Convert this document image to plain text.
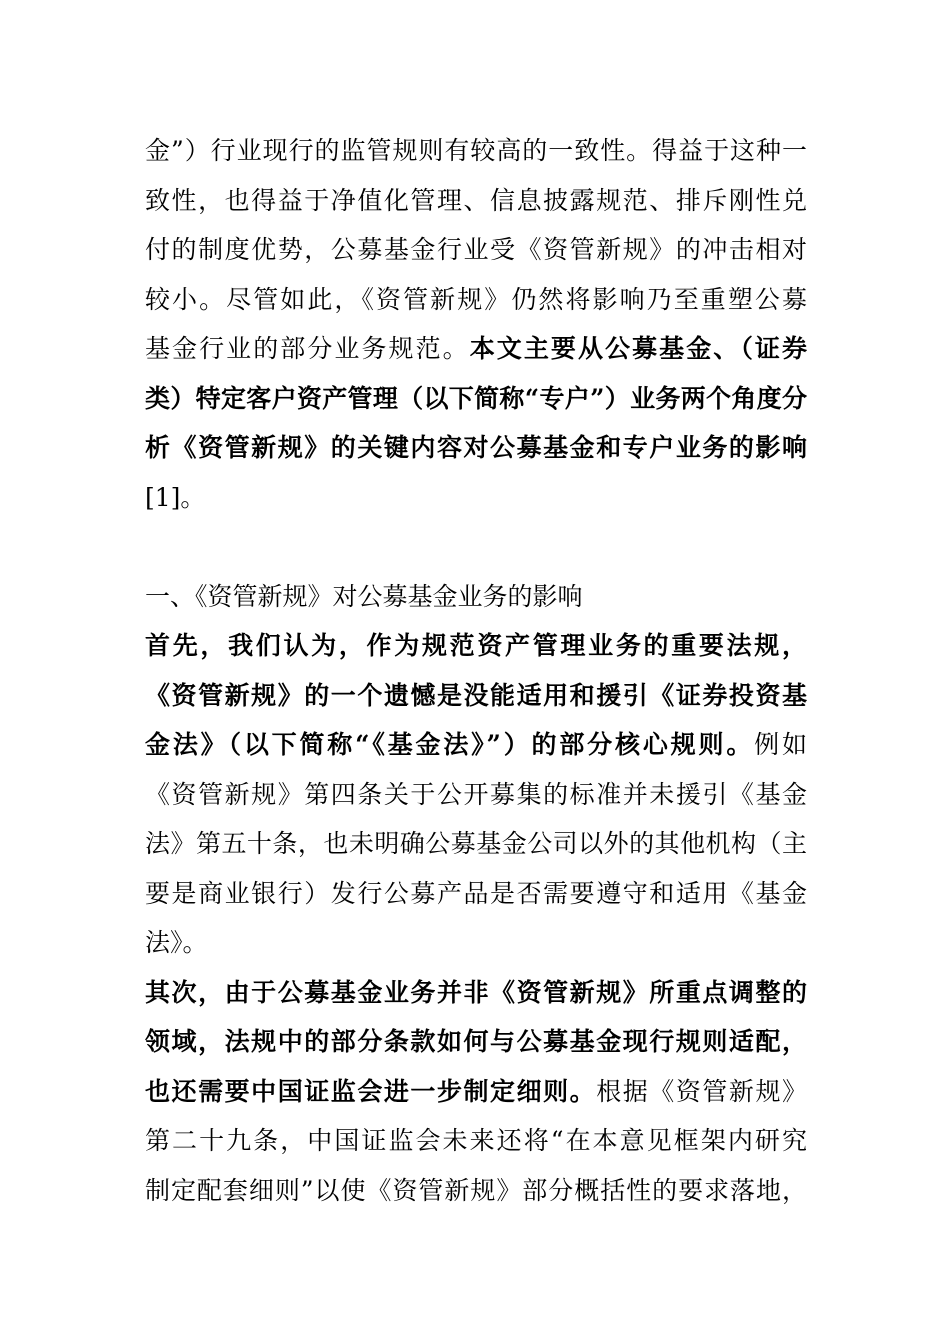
金”）行业现行的监管规则有较高的一致性。得益于这种一
致性，也得益于净值化管理、信息披露规范、排斥刚性兑
付的制度优势，公募基金行业受《资管新规》的冲击相对
较小。尽管如此，《资管新规》仍然将影响乃至重塑公募
基金行业的部分业务规范。本文主要从公募基金、（证券
类）特定客户资产管理（以下简称“专户”）业务两个角度分
析《资管新规》的关键内容对公募基金和专户业务的影响
[1]。
一、《资管新规》对公募基金业务的影响
首先，我们认为，作为规范资产管理业务的重要法规，
《资管新规》的一个遗憾是没能适用和援引《证券投资基
金法》（以下简称“《基金法》”）的部分核心规则。例如
《资管新规》第四条关于公开募集的标准并未援引《基金
法》第五十条，也未明确公募基金公司以外的其他机构（主
要是商业银行）发行公募产品是否需要遵守和适用《基金
法》。
其次，由于公募基金业务并非《资管新规》所重点调整的
领域，法规中的部分条款如何与公募基金现行规则适配，
也还需要中国证监会进一步制定细则。根据《资管新规》
第二十九条，中国证监会未来还将“在本意见框架内研究
制定配套细则”以使《资管新规》部分概括性的要求落地，
